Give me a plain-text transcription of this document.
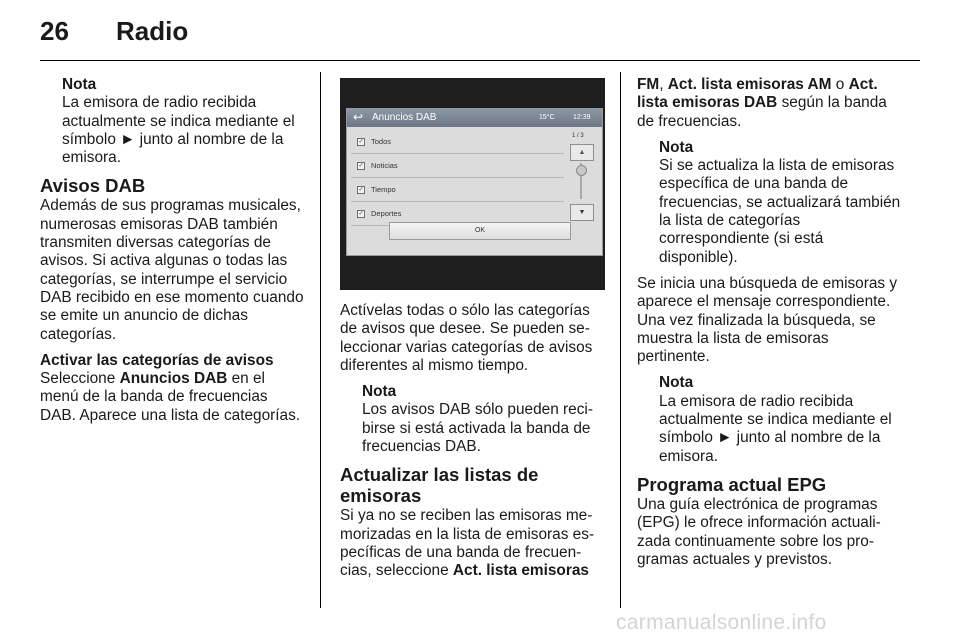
26 Radio
Nota
La emisora de radio recibida actualmente se indica mediante el símbolo ► junto al nombre de la emisora.
Avisos DAB

Además de sus programas musicales, numerosas emisoras DAB también transmiten diversas categorías de avisos. Si activa algunas o todas las categorías, se interrumpe el servicio DAB recibido en ese momento cuando se emite un anuncio de dichas categorías.

Activar las categorías de avisos

Seleccione Anuncios DAB en el menú de la banda de frecuencias DAB. Aparece una lista de categorías.

↩ Anuncios DAB	15°C	12:39
✓ Todos
✓ Noticias
✓ Tiempo
✓ Deportes
1 / 3
▲
▼
OK

Actívelas todas o sólo las categorías de avisos que desee. Se pueden seleccionar varias categorías de avisos diferentes al mismo tiempo.

Nota
Los avisos DAB sólo pueden recibirse si está activada la banda de frecuencias DAB.
Actualizar las listas de emisoras

Si ya no se reciben las emisoras memorizadas en la lista de emisoras específicas de una banda de frecuencias, seleccione Act. lista emisoras

FM, Act. lista emisoras AM o Act. lista emisoras DAB según la banda de frecuencias.

Nota
Si se actualiza la lista de emisoras específica de una banda de frecuencias, se actualizará también la lista de categorías correspondiente (si está disponible).

Se inicia una búsqueda de emisoras y aparece el mensaje correspondiente. Una vez finalizada la búsqueda, se muestra la lista de emisoras pertinente.

Nota
La emisora de radio recibida actualmente se indica mediante el símbolo ► junto al nombre de la emisora.
Programa actual EPG

Una guía electrónica de programas (EPG) le ofrece información actualizada continuamente sobre los programas actuales y previstos.

carmanualsonline.info
